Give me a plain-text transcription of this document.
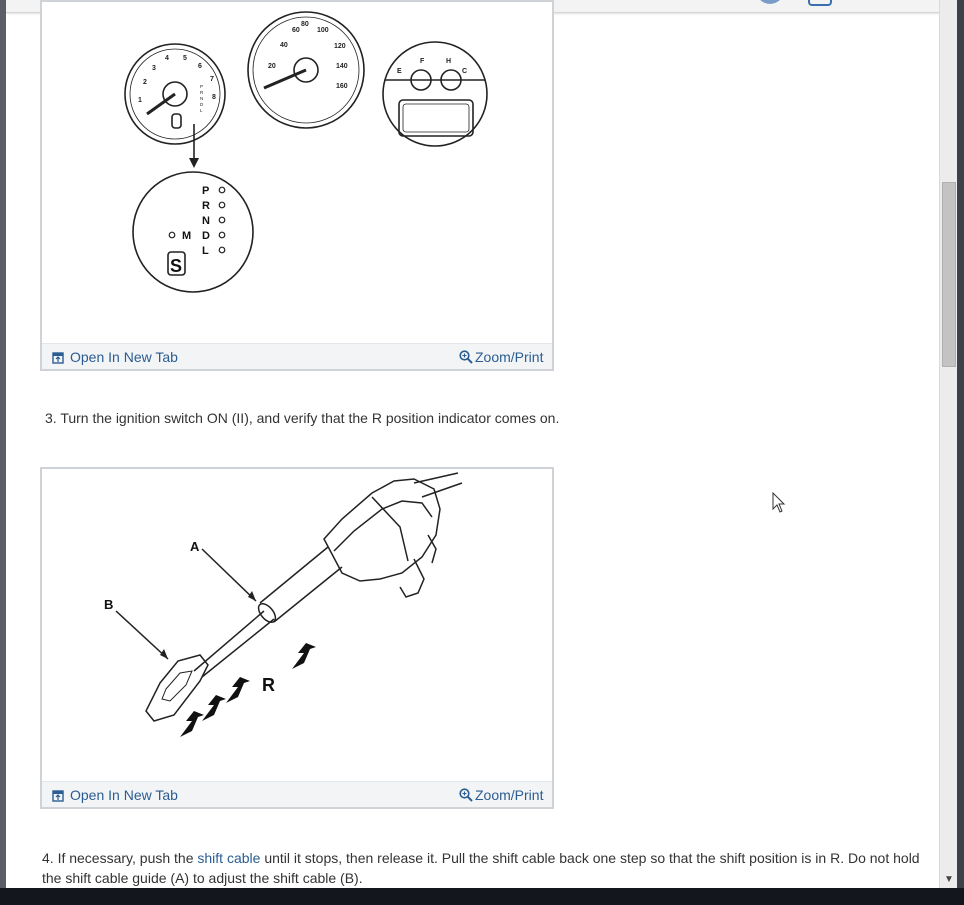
2
3
4 5
6
7
1	8
40
20
60
80
100
120
140
160
F	H
E	C
P
R
N
D
L
P
R
N
D
L
M
S
Open In New Tab	Zoom/Print
3. Turn the ignition switch ON (II), and verify that the R position indicator comes on.
A
B
R
Open In New Tab	Zoom/Print
4. If necessary, push the shift cable until it stops, then release it. Pull the shift cable back one step so that the shift position is in R. Do not hold the shift cable guide (A) to adjust the shift cable (B).	▼
